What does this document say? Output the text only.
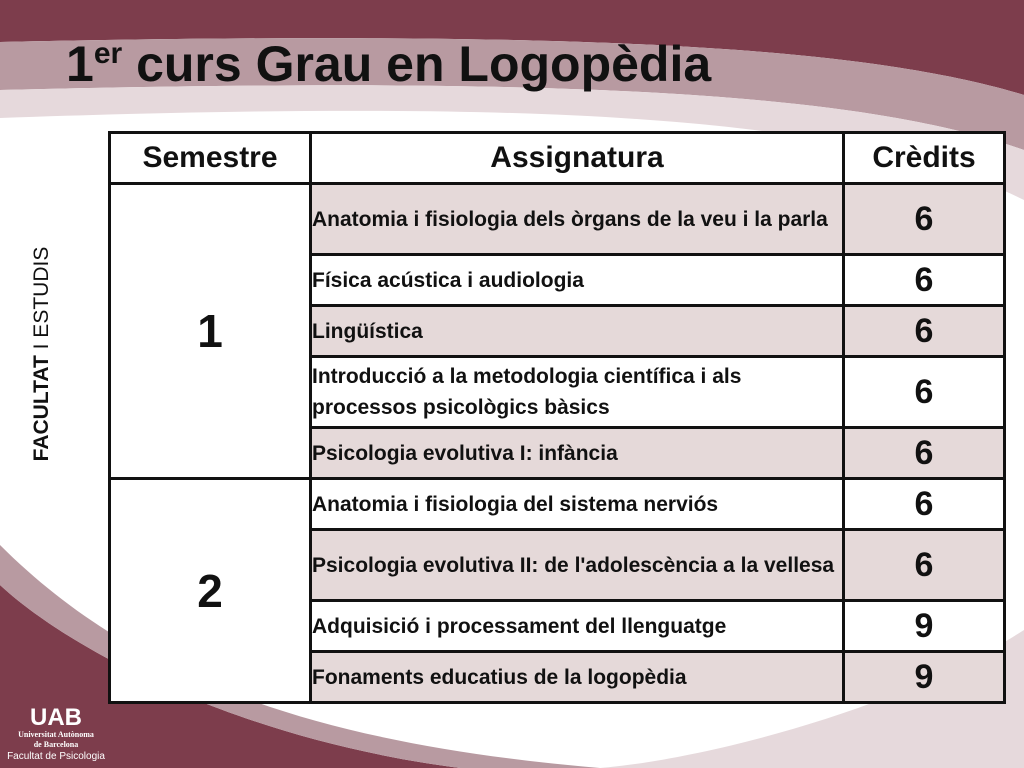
1er curs Grau en Logopèdia
FACULTAT I ESTUDIS
Semestre	Assignatura	Crèdits
1	Anatomia i fisiologia dels òrgans de la veu i la parla	6
	Física acústica i audiologia	6
	Lingüística	6
	Introducció a la metodologia científica i als processos psicològics bàsics	6
	Psicologia evolutiva I: infància	6
2	Anatomia i fisiologia del sistema nerviós	6
	Psicologia evolutiva II: de l'adolescència a la vellesa	6
	Adquisició i processament del llenguatge	9
	Fonaments educatius de la logopèdia	9
UAB
Universitat Autònoma
de Barcelona
Facultat de Psicologia
